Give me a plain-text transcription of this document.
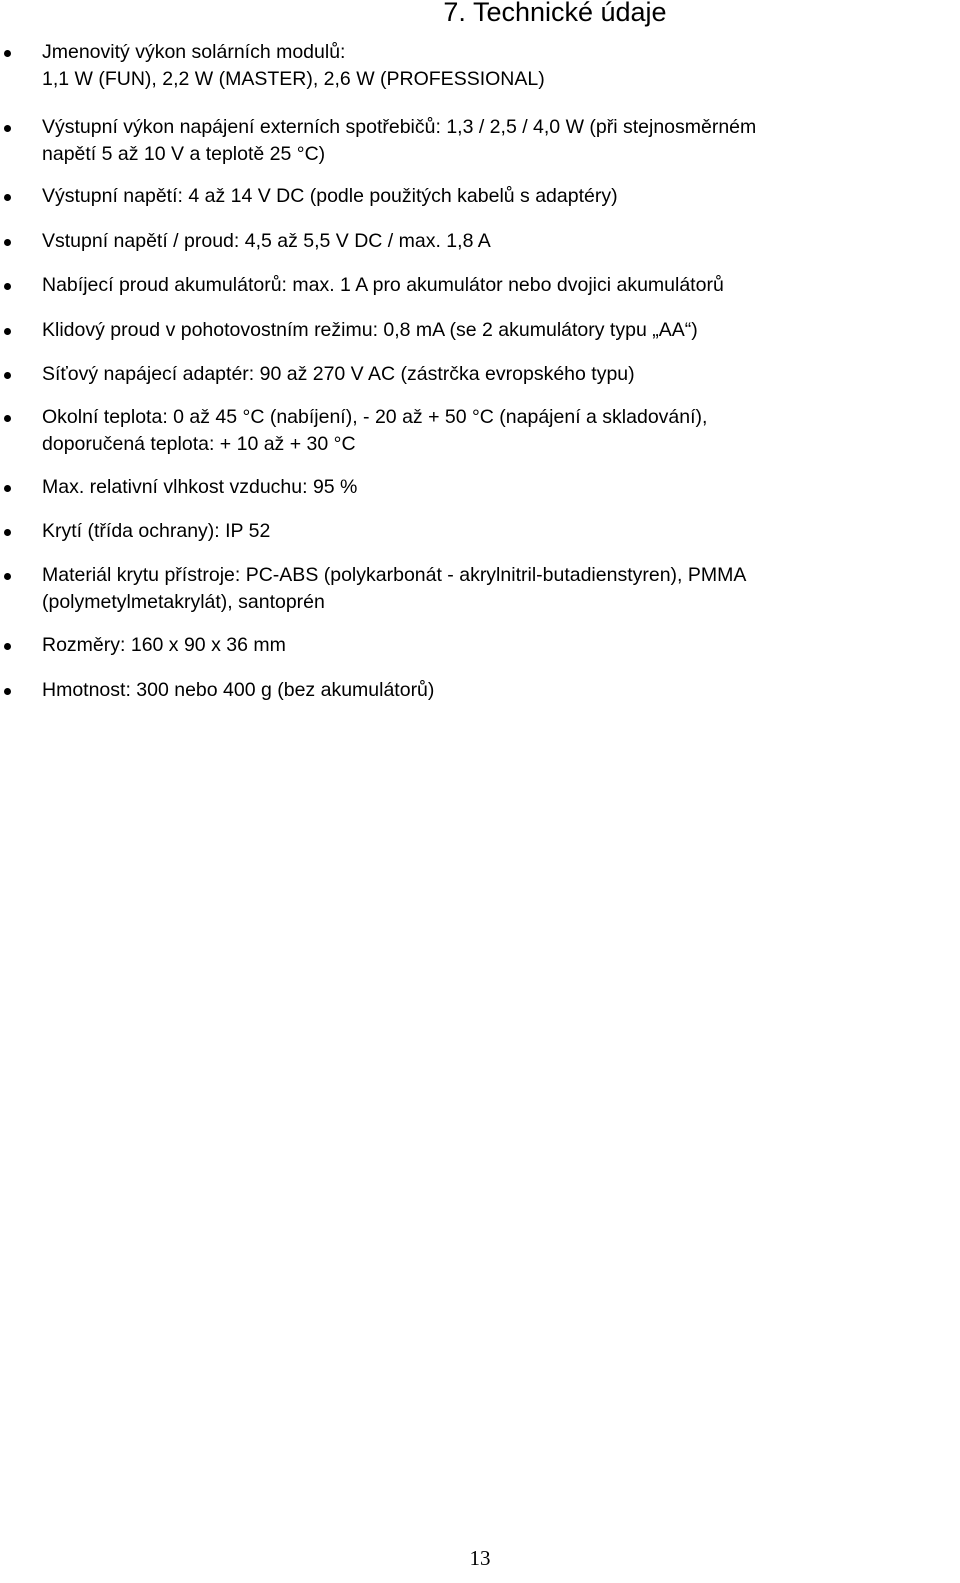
7. Technické údaje
Jmenovitý výkon solárních modulů:
1,1 W (FUN), 2,2 W (MASTER), 2,6 W (PROFESSIONAL)
Výstupní výkon napájení externích spotřebičů: 1,3 / 2,5 / 4,0 W (při stejnosměrném
napětí 5 až 10 V a teplotě 25 °C)
Výstupní napětí: 4 až 14 V DC (podle použitých kabelů s adaptéry)
Vstupní napětí / proud: 4,5 až 5,5 V DC / max. 1,8 A
Nabíjecí proud akumulátorů: max. 1 A pro akumulátor nebo dvojici akumulátorů
Klidový proud v pohotovostním režimu: 0,8 mA (se 2 akumulátory typu „AA“)
Síťový napájecí adaptér: 90 až 270 V AC (zástrčka evropského typu)
Okolní teplota: 0 až 45 °C (nabíjení), - 20 až + 50 °C (napájení a skladování),
doporučená teplota: + 10 až + 30 °C
Max. relativní vlhkost vzduchu: 95 %
Krytí (třída ochrany): IP 52
Materiál krytu přístroje: PC-ABS (polykarbonát - akrylnitril-butadienstyren), PMMA
(polymetylmetakrylát), santoprén
Rozměry: 160 x 90 x 36 mm
Hmotnost: 300 nebo 400 g (bez akumulátorů)
13
